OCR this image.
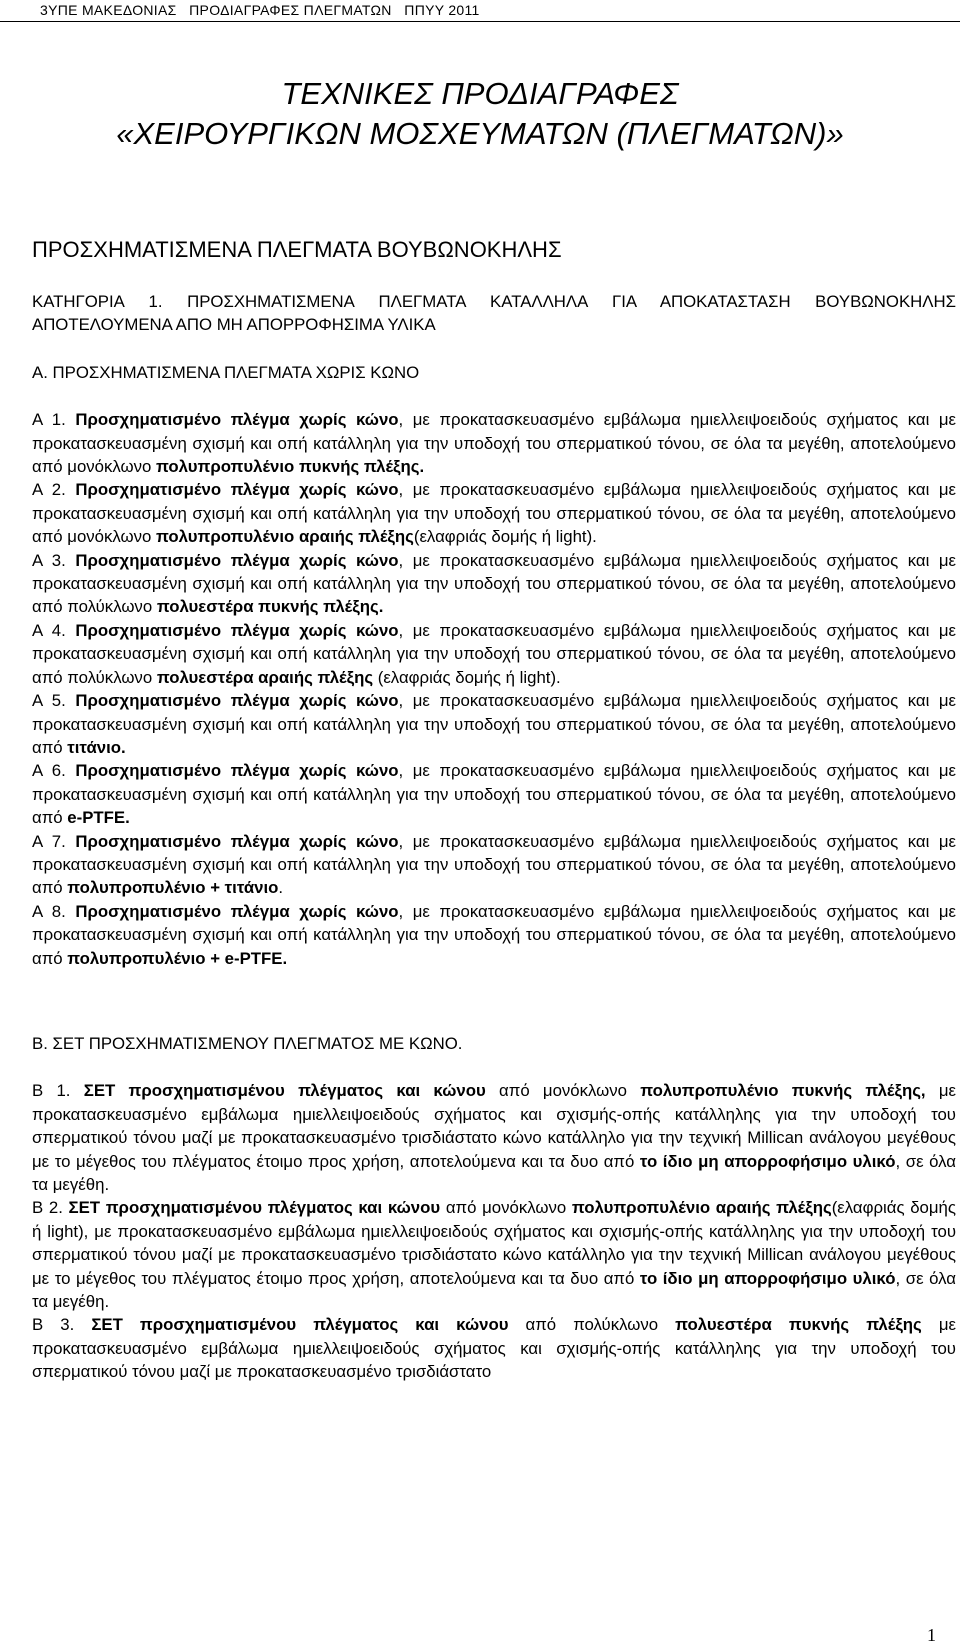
3ΥΠΕ ΜΑΚΕΔΟΝΙΑΣ   ΠΡΟΔΙΑΓΡΑΦΕΣ ΠΛΕΓΜΑΤΩΝ   ΠΠΥΥ 2011
ΤΕΧΝΙΚΕΣ ΠΡΟΔΙΑΓΡΑΦΕΣ
«ΧΕΙΡΟΥΡΓΙΚΩΝ ΜΟΣΧΕΥΜΑΤΩΝ (ΠΛΕΓΜΑΤΩΝ)»

ΠΡΟΣΧΗΜΑΤΙΣΜΕΝΑ ΠΛΕΓΜΑΤΑ ΒΟΥΒΩΝΟΚΗΛΗΣ

ΚΑΤΗΓΟΡΙΑ 1. ΠΡΟΣΧΗΜΑΤΙΣΜΕΝΑ ΠΛΕΓΜΑΤΑ ΚΑΤΑΛΛΗΛΑ ΓΙΑ ΑΠΟΚΑΤΑΣΤΑΣΗ ΒΟΥΒΩΝΟΚΗΛΗΣ ΑΠΟΤΕΛΟΥΜΕΝΑ ΑΠΟ ΜΗ ΑΠΟΡΡΟΦΗΣΙΜΑ ΥΛΙΚΑ

Α. ΠΡΟΣΧΗΜΑΤΙΣΜΕΝΑ ΠΛΕΓΜΑΤΑ ΧΩΡΙΣ ΚΩΝΟ

Α 1. Προσχηματισμένο πλέγμα χωρίς κώνο, με προκατασκευασμένο εμβάλωμα ημιελλειψοειδούς σχήματος και με προκατασκευασμένη σχισμή και οπή κατάλληλη για την υποδοχή του σπερματικού τόνου, σε όλα τα μεγέθη, αποτελούμενο από μονόκλωνο πολυπροπυλένιο πυκνής πλέξης.

Α 2. Προσχηματισμένο πλέγμα χωρίς κώνο, με προκατασκευασμένο εμβάλωμα ημιελλειψοειδούς σχήματος και με προκατασκευασμένη σχισμή και οπή κατάλληλη για την υποδοχή του σπερματικού τόνου, σε όλα τα μεγέθη, αποτελούμενο από μονόκλωνο πολυπροπυλένιο αραιής πλέξης(ελαφριάς δομής ή light).

Α 3. Προσχηματισμένο πλέγμα χωρίς κώνο, με προκατασκευασμένο εμβάλωμα ημιελλειψοειδούς σχήματος και με προκατασκευασμένη σχισμή και οπή κατάλληλη για την υποδοχή του σπερματικού τόνου, σε όλα τα μεγέθη, αποτελούμενο από πολύκλωνο πολυεστέρα πυκνής πλέξης.

Α 4. Προσχηματισμένο πλέγμα χωρίς κώνο, με προκατασκευασμένο εμβάλωμα ημιελλειψοειδούς σχήματος και με προκατασκευασμένη σχισμή και οπή κατάλληλη για την υποδοχή του σπερματικού τόνου, σε όλα τα μεγέθη, αποτελούμενο από πολύκλωνο πολυεστέρα αραιής πλέξης (ελαφριάς δομής ή light).

Α 5. Προσχηματισμένο πλέγμα χωρίς κώνο, με προκατασκευασμένο εμβάλωμα ημιελλειψοειδούς σχήματος και με προκατασκευασμένη σχισμή και οπή κατάλληλη για την υποδοχή του σπερματικού τόνου, σε όλα τα μεγέθη, αποτελούμενο από τιτάνιο.

Α 6. Προσχηματισμένο πλέγμα χωρίς κώνο, με προκατασκευασμένο εμβάλωμα ημιελλειψοειδούς σχήματος και με προκατασκευασμένη σχισμή και οπή κατάλληλη για την υποδοχή του σπερματικού τόνου, σε όλα τα μεγέθη, αποτελούμενο από e-PTFE.

Α 7. Προσχηματισμένο πλέγμα χωρίς κώνο, με προκατασκευασμένο εμβάλωμα ημιελλειψοειδούς σχήματος και με προκατασκευασμένη σχισμή και οπή κατάλληλη για την υποδοχή του σπερματικού τόνου, σε όλα τα μεγέθη, αποτελούμενο από πολυπροπυλένιο + τιτάνιο.

Α 8. Προσχηματισμένο πλέγμα χωρίς κώνο, με προκατασκευασμένο εμβάλωμα ημιελλειψοειδούς σχήματος και με προκατασκευασμένη σχισμή και οπή κατάλληλη για την υποδοχή του σπερματικού τόνου, σε όλα τα μεγέθη, αποτελούμενο από πολυπροπυλένιο + e-PTFE.

Β. ΣΕΤ ΠΡΟΣΧΗΜΑΤΙΣΜΕΝΟΥ ΠΛΕΓΜΑΤΟΣ ΜΕ ΚΩΝΟ.

Β 1. ΣΕΤ προσχηματισμένου πλέγματος και κώνου από μονόκλωνο πολυπροπυλένιο πυκνής πλέξης, με προκατασκευασμένο εμβάλωμα ημιελλειψοειδούς σχήματος και σχισμής-οπής κατάλληλης για την υποδοχή του σπερματικού τόνου μαζί με προκατασκευασμένο τρισδιάστατο κώνο κατάλληλο για την τεχνική Millican ανάλογου μεγέθους με το μέγεθος του πλέγματος έτοιμο προς χρήση, αποτελούμενα και τα δυο από το ίδιο μη απορροφήσιμο υλικό, σε όλα τα μεγέθη.

Β 2. ΣΕΤ προσχηματισμένου πλέγματος και κώνου από μονόκλωνο πολυπροπυλένιο αραιής πλέξης(ελαφριάς δομής ή light), με προκατασκευασμένο εμβάλωμα ημιελλειψοειδούς σχήματος και σχισμής-οπής κατάλληλης για την υποδοχή του σπερματικού τόνου μαζί με προκατασκευασμένο τρισδιάστατο κώνο κατάλληλο για την τεχνική Millican ανάλογου μεγέθους με το μέγεθος του πλέγματος έτοιμο προς χρήση, αποτελούμενα και τα δυο από το ίδιο μη απορροφήσιμο υλικό, σε όλα τα μεγέθη.

Β 3. ΣΕΤ προσχηματισμένου πλέγματος και κώνου από πολύκλωνο πολυεστέρα πυκνής πλέξης με προκατασκευασμένο εμβάλωμα ημιελλειψοειδούς σχήματος και σχισμής-οπής κατάλληλης για την υποδοχή του σπερματικού τόνου μαζί με προκατασκευασμένο τρισδιάστατο

1
